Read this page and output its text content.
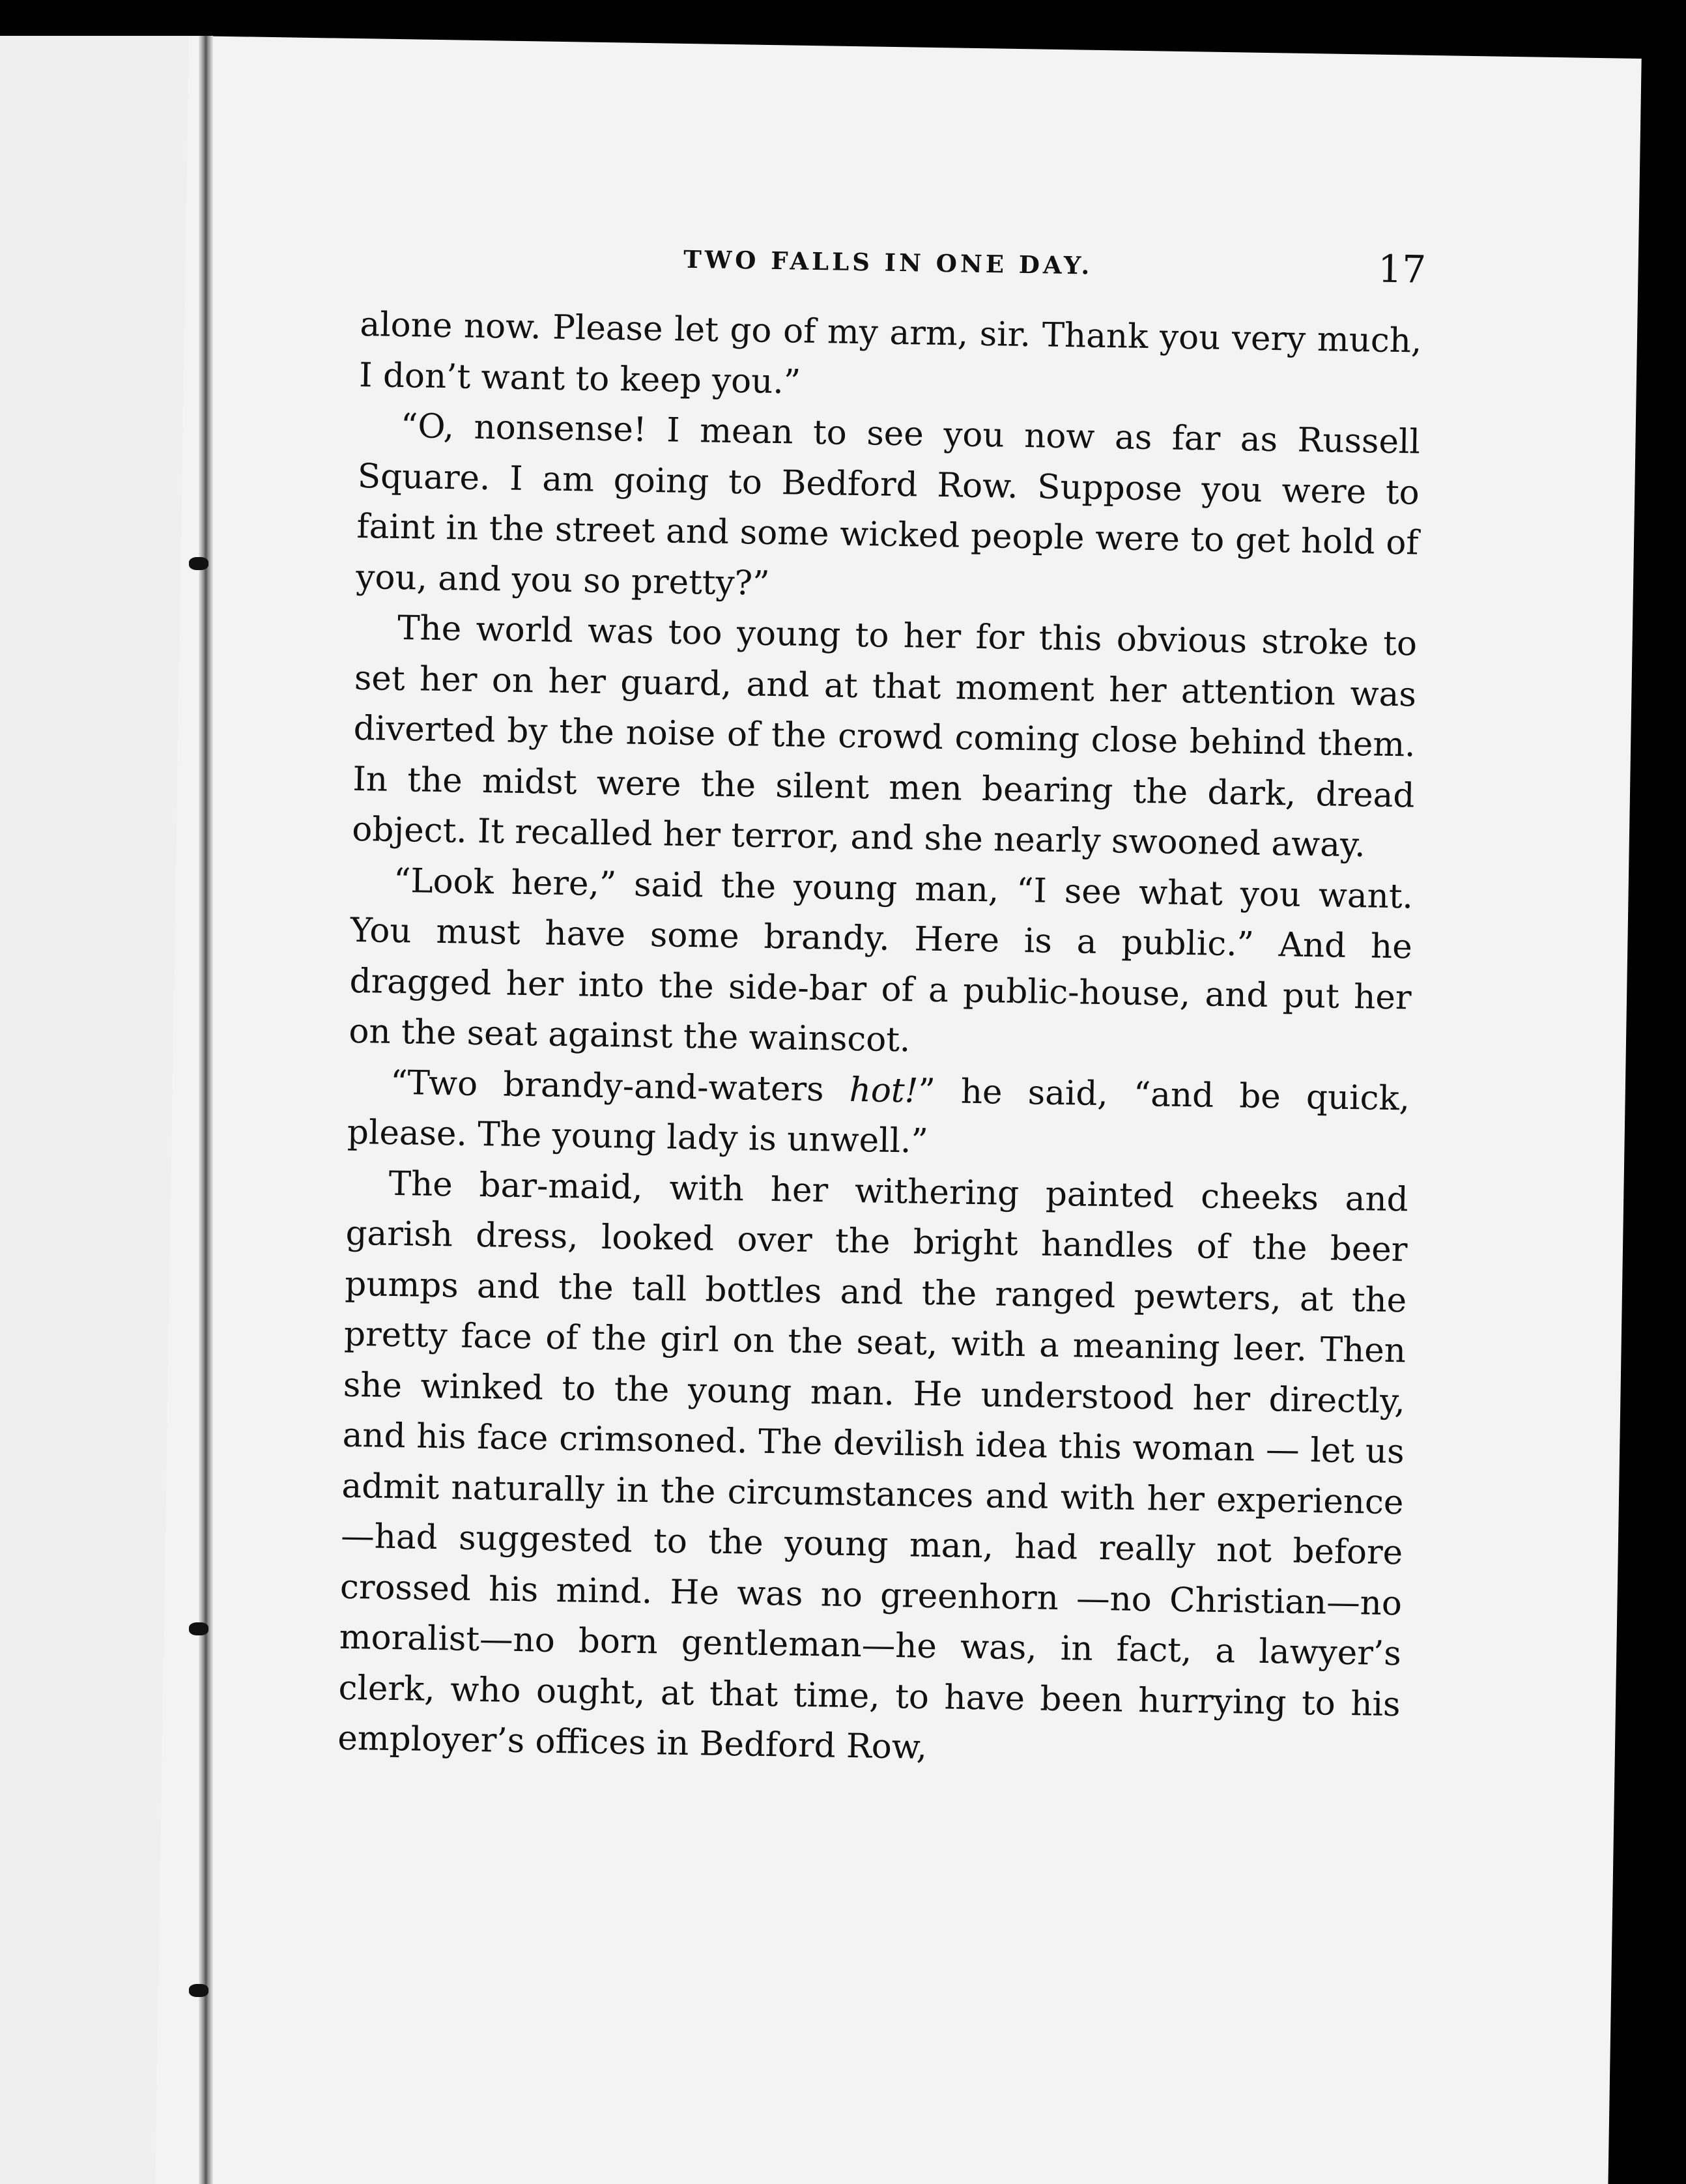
TWO FALLS IN ONE DAY.	17

alone now. Please let go of my arm, sir. Thank you very much, I don’t want to keep you.”

“O, nonsense! I mean to see you now as far as Russell Square. I am going to Bedford Row. Suppose you were to faint in the street and some wicked people were to get hold of you, and you so pretty?”

The world was too young to her for this obvious stroke to set her on her guard, and at that moment her attention was diverted by the noise of the crowd coming close behind them. In the midst were the silent men bearing the dark, dread object. It recalled her terror, and she nearly swooned away.

“Look here,” said the young man, “I see what you want. You must have some brandy. Here is a public.” And he dragged her into the side-bar of a public-house, and put her on the seat against the wainscot.

“Two brandy-and-waters hot!” he said, “and be quick, please. The young lady is unwell.”

The bar-maid, with her withering painted cheeks and garish dress, looked over the bright handles of the beer pumps and the tall bottles and the ranged pewters, at the pretty face of the girl on the seat, with a meaning leer. Then she winked to the young man. He understood her directly, and his face crimsoned. The devilish idea this woman — let us admit naturally in the circumstances and with her experience—had suggested to the young man, had really not before crossed his mind. He was no greenhorn —no Christian—no moralist—no born gentleman—he was, in fact, a lawyer’s clerk, who ought, at that time, to have been hurrying to his employer’s offices in Bedford Row,
